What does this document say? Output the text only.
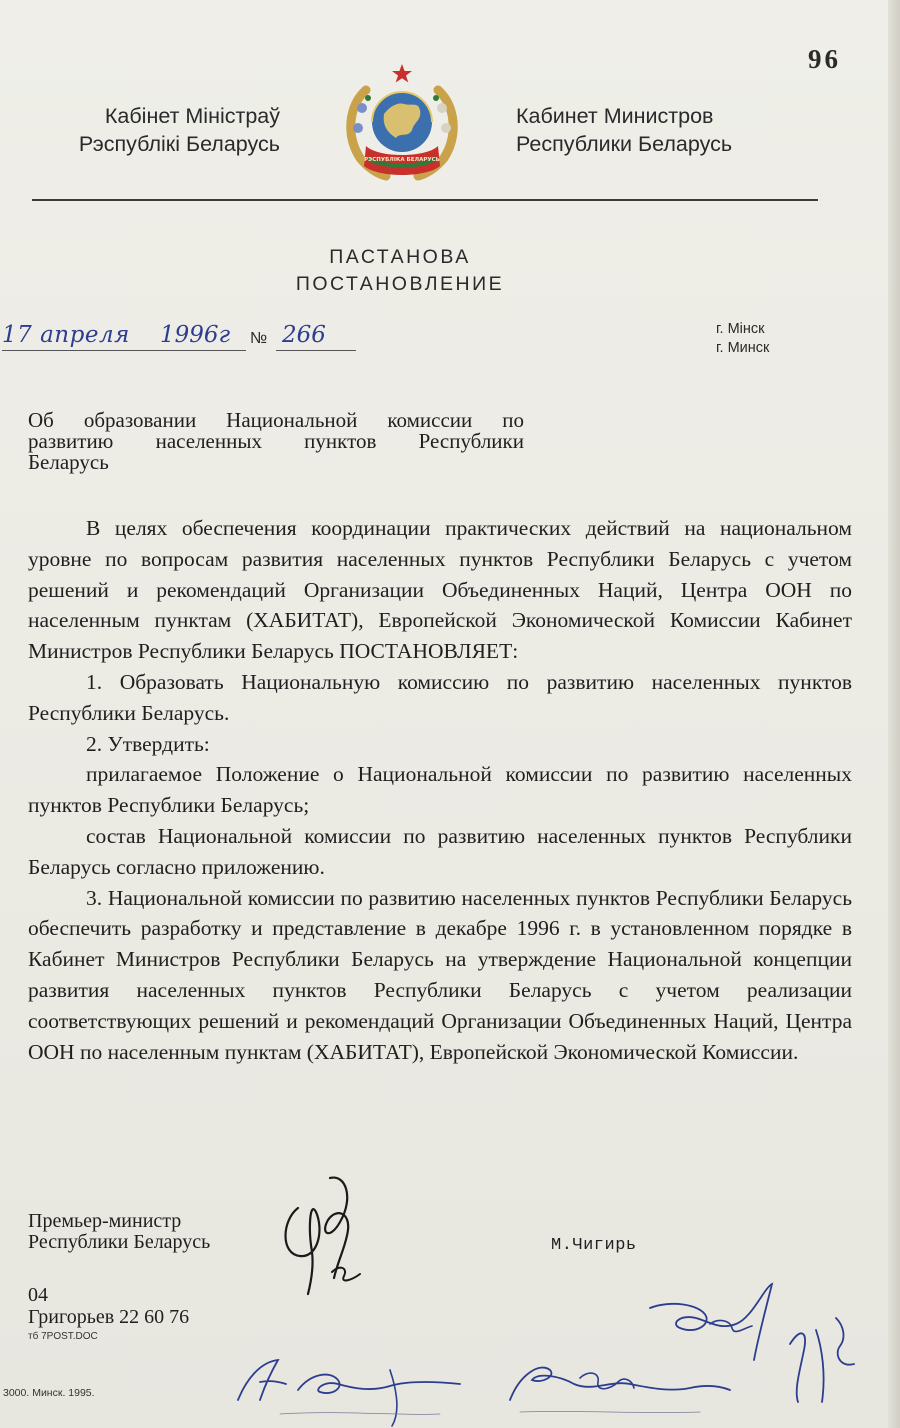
96
Кабінет Міністраў
Рэспублікі Беларусь
РЭСПУБЛІКА БЕЛАРУСЬ
Кабинет Министров
Республики Беларусь
ПАСТАНОВА
ПОСТАНОВЛЕНИЕ
17 апреля 1996г № 266	г. Мінск
г. Минск
Об образовании Национальной комиссии по
развитию населенных пунктов Республики
Беларусь

В целях обеспечения координации практических действий на национальном уровне по вопросам развития населенных пунктов Республики Беларусь с учетом решений и рекомендаций Организации Объединенных Наций, Центра ООН по населенным пунктам (ХАБИТАТ), Европейской Экономической Комиссии Кабинет Министров Республики Беларусь ПОСТАНОВЛЯЕТ:

1. Образовать Национальную комиссию по развитию населенных пунктов Республики Беларусь.

2. Утвердить:

прилагаемое Положение о Национальной комиссии по развитию населенных пунктов Республики Беларусь;

состав Национальной комиссии по развитию населенных пунктов Республики Беларусь согласно приложению.

3. Национальной комиссии по развитию населенных пунктов Республики Беларусь обеспечить разработку и представление в декабре 1996 г. в установленном порядке в Кабинет Министров Республики Беларусь на утверждение Национальной концепции развития населенных пунктов Республики Беларусь с учетом реализации соответствующих решений и рекомендаций Организации Объединенных Наций, Центра ООН по населенным пунктам (ХАБИТАТ), Европейской Экономической Комиссии.

Премьер-министр
Республики Беларусь	М.Чигирь
04
Григорьев 22 60 76
тб 7POST.DOC
3000. Минск. 1995.
